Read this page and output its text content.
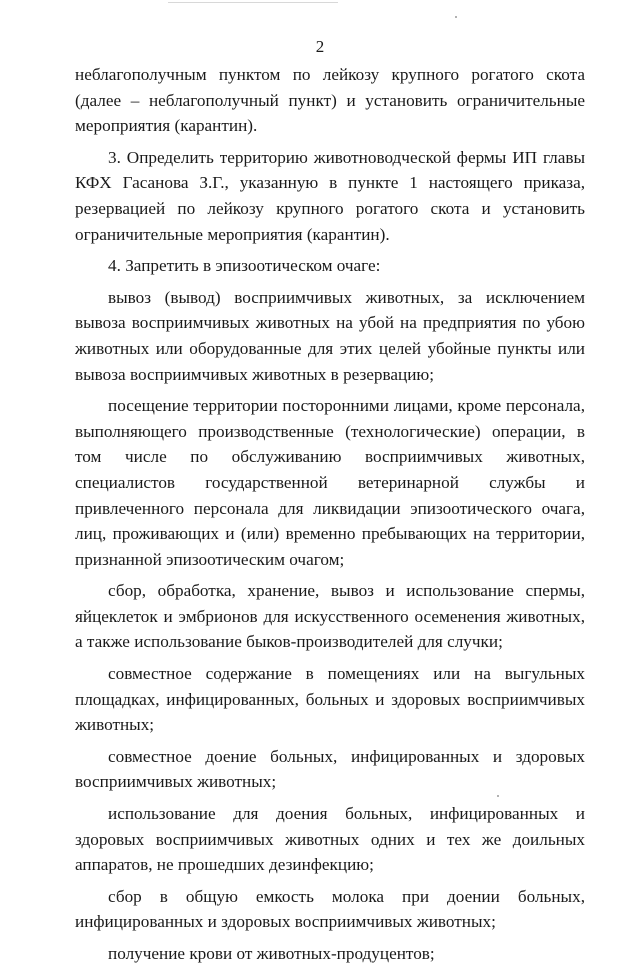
2

неблагополучным пунктом по лейкозу крупного рогатого скота (далее – неблагополучный пункт) и установить ограничительные мероприятия (карантин).

3. Определить территорию животноводческой фермы ИП главы КФХ Гасанова З.Г., указанную в пункте 1 настоящего приказа, резервацией по лейкозу крупного рогатого скота и установить ограничительные мероприятия (карантин).

4. Запретить в эпизоотическом очаге:

вывоз (вывод) восприимчивых животных, за исключением вывоза восприимчивых животных на убой на предприятия по убою животных или оборудованные для этих целей убойные пункты или вывоза восприимчивых животных в резервацию;

посещение территории посторонними лицами, кроме персонала, выполняющего производственные (технологические) операции, в том числе по обслуживанию восприимчивых животных, специалистов государственной ветеринарной службы и привлеченного персонала для ликвидации эпизоотического очага, лиц, проживающих и (или) временно пребывающих на территории, признанной эпизоотическим очагом;

сбор, обработка, хранение, вывоз и использование спермы, яйцеклеток и эмбрионов для искусственного осеменения животных, а также использование быков-производителей для случки;

совместное содержание в помещениях или на выгульных площадках, инфицированных, больных и здоровых восприимчивых животных;

совместное доение больных, инфицированных и здоровых восприимчивых животных;

использование для доения больных, инфицированных и здоровых восприимчивых животных одних и тех же доильных аппаратов, не прошедших дезинфекцию;

сбор в общую емкость молока при доении больных, инфицированных и здоровых восприимчивых животных;

получение крови от животных-продуцентов;
